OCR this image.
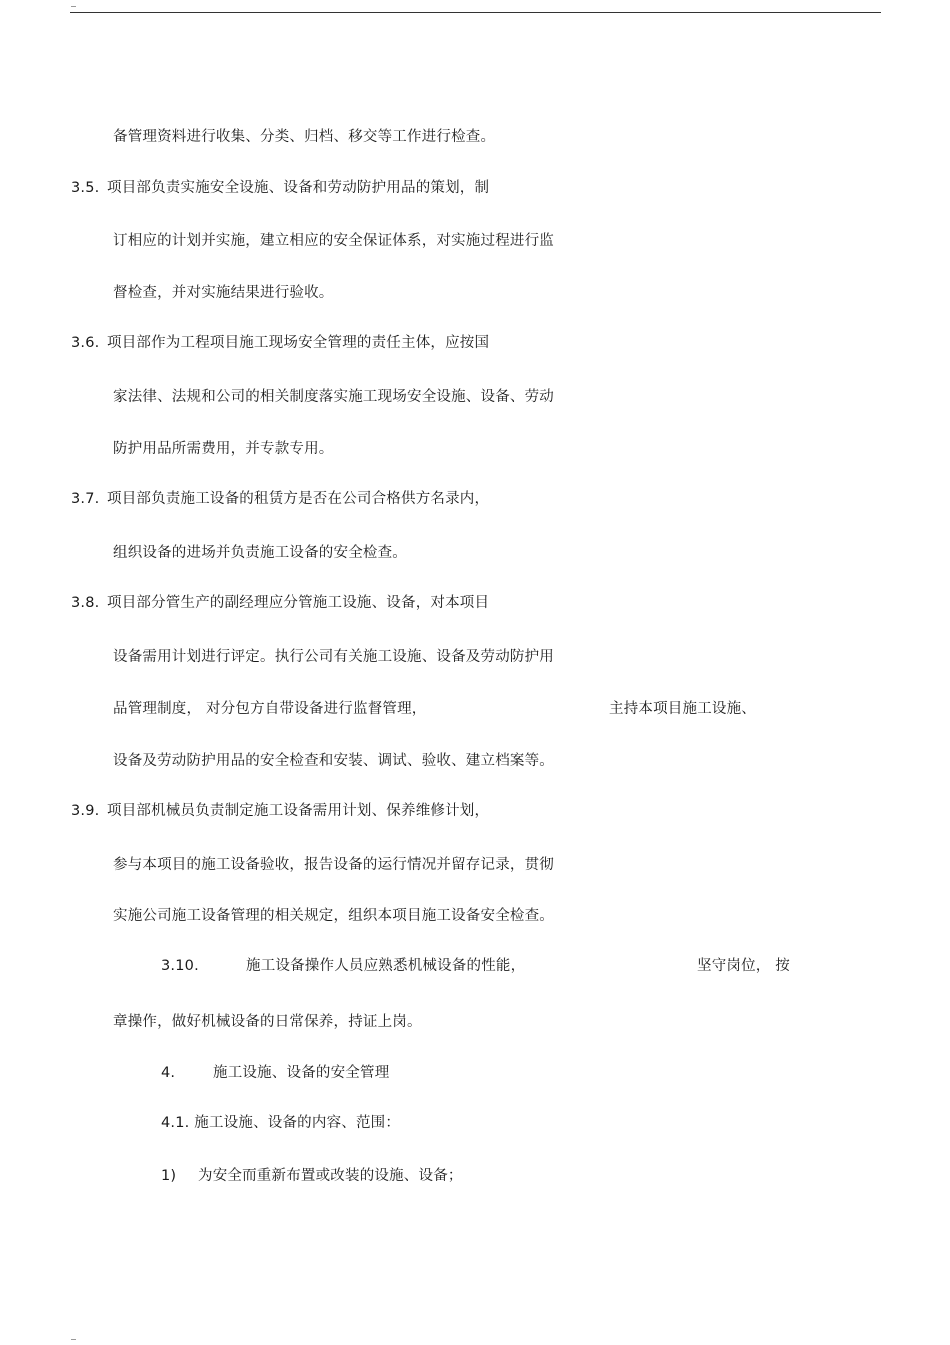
备管理资料进行收集、分类、归档、移交等工作进行检查。
3.5. 项目部负责实施安全设施、设备和劳动防护用品的策划，制
订相应的计划并实施，建立相应的安全保证体系，对实施过程进行监
督检查，并对实施结果进行验收。
3.6. 项目部作为工程项目施工现场安全管理的责任主体，应按国
家法律、法规和公司的相关制度落实施工现场安全设施、设备、劳动
防护用品所需费用，并专款专用。
3.7. 项目部负责施工设备的租赁方是否在公司合格供方名录内，
组织设备的进场并负责施工设备的安全检查。
3.8. 项目部分管生产的副经理应分管施工设施、设备，对本项目
设备需用计划进行评定。执行公司有关施工设施、设备及劳动防护用
品管理制度， 对分包方自带设备进行监督管理，	主持本项目施工设施、
设备及劳动防护用品的安全检查和安装、调试、验收、建立档案等。
3.9. 项目部机械员负责制定施工设备需用计划、保养维修计划，
参与本项目的施工设备验收，报告设备的运行情况并留存记录，贯彻
实施公司施工设备管理的相关规定，组织本项目施工设备安全检查。
3.10.	施工设备操作人员应熟悉机械设备的性能，	坚守岗位， 按
章操作，做好机械设备的日常保养，持证上岗。
4.	施工设施、设备的安全管理
4.1. 施工设施、设备的内容、范围：
1) 为安全而重新布置或改装的设施、设备；
